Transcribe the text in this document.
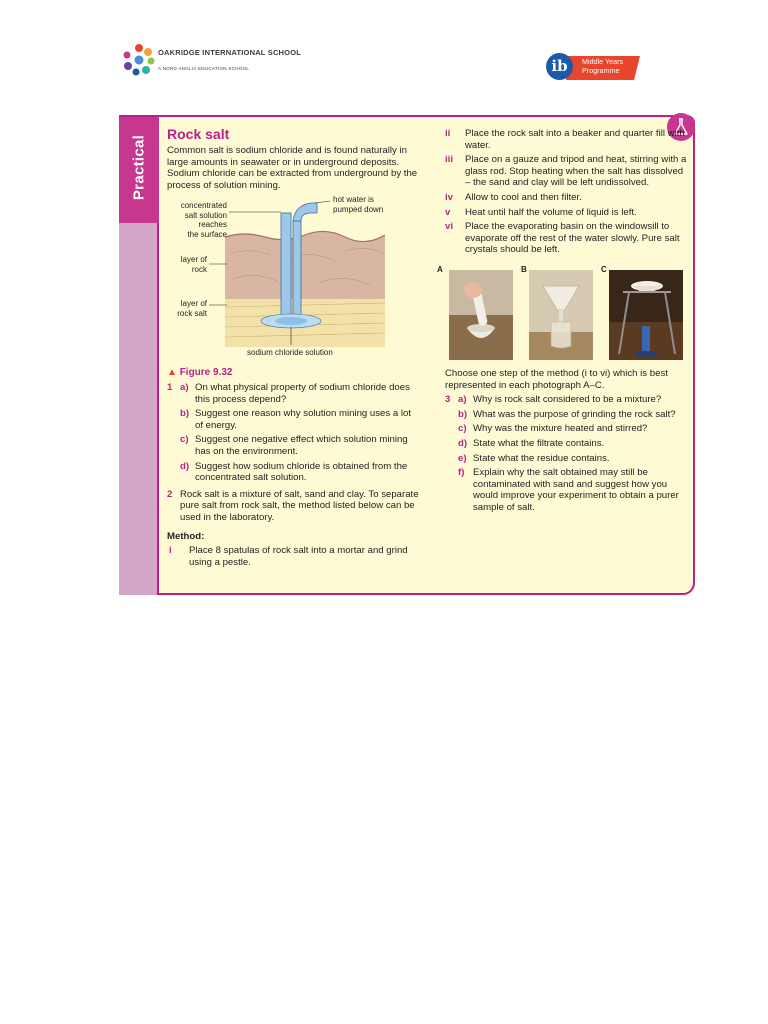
OAKRIDGE INTERNATIONAL SCHOOL
A NORD ANGLIA EDUCATION SCHOOL	ib	Middle Years
Programme
Practical
Rock salt

Common salt is sodium chloride and is found naturally in large amounts in seawater or in underground deposits. Sodium chloride can be extracted from underground by the process of solution mining.

hot water is
pumped down
concentrated
salt solution
reaches
the surface
layer of
rock
layer of
rock salt
sodium chloride solution
▲ Figure 9.32
1 a) On what physical property of sodium chloride does this process depend?
b) Suggest one reason why solution mining uses a lot of energy.
c) Suggest one negative effect which solution mining has on the environment.
d) Suggest how sodium chloride is obtained from the concentrated salt solution.
2 Rock salt is a mixture of salt, sand and clay. To separate pure salt from rock salt, the method listed below can be used in the laboratory.
Method:
i	Place 8 spatulas of rock salt into a mortar and grind using a pestle.
ii	Place the rock salt into a beaker and quarter fill with water.
iii	Place on a gauze and tripod and heat, stirring with a glass rod. Stop heating when the salt has dissolved – the sand and clay will be left undissolved.
iv	Allow to cool and then filter.
v	Heat until half the volume of liquid is left.
vi	Place the evaporating basin on the windowsill to evaporate off the rest of the water slowly. Pure salt crystals should be left.
A	B	C

Choose one step of the method (i to vi) which is best represented in each photograph A–C.

3 a) Why is rock salt considered to be a mixture?
b) What was the purpose of grinding the rock salt?
c) Why was the mixture heated and stirred?
d) State what the filtrate contains.
e) State what the residue contains.
f) Explain why the salt obtained may still be contaminated with sand and suggest how you would improve your experiment to obtain a purer sample of salt.
